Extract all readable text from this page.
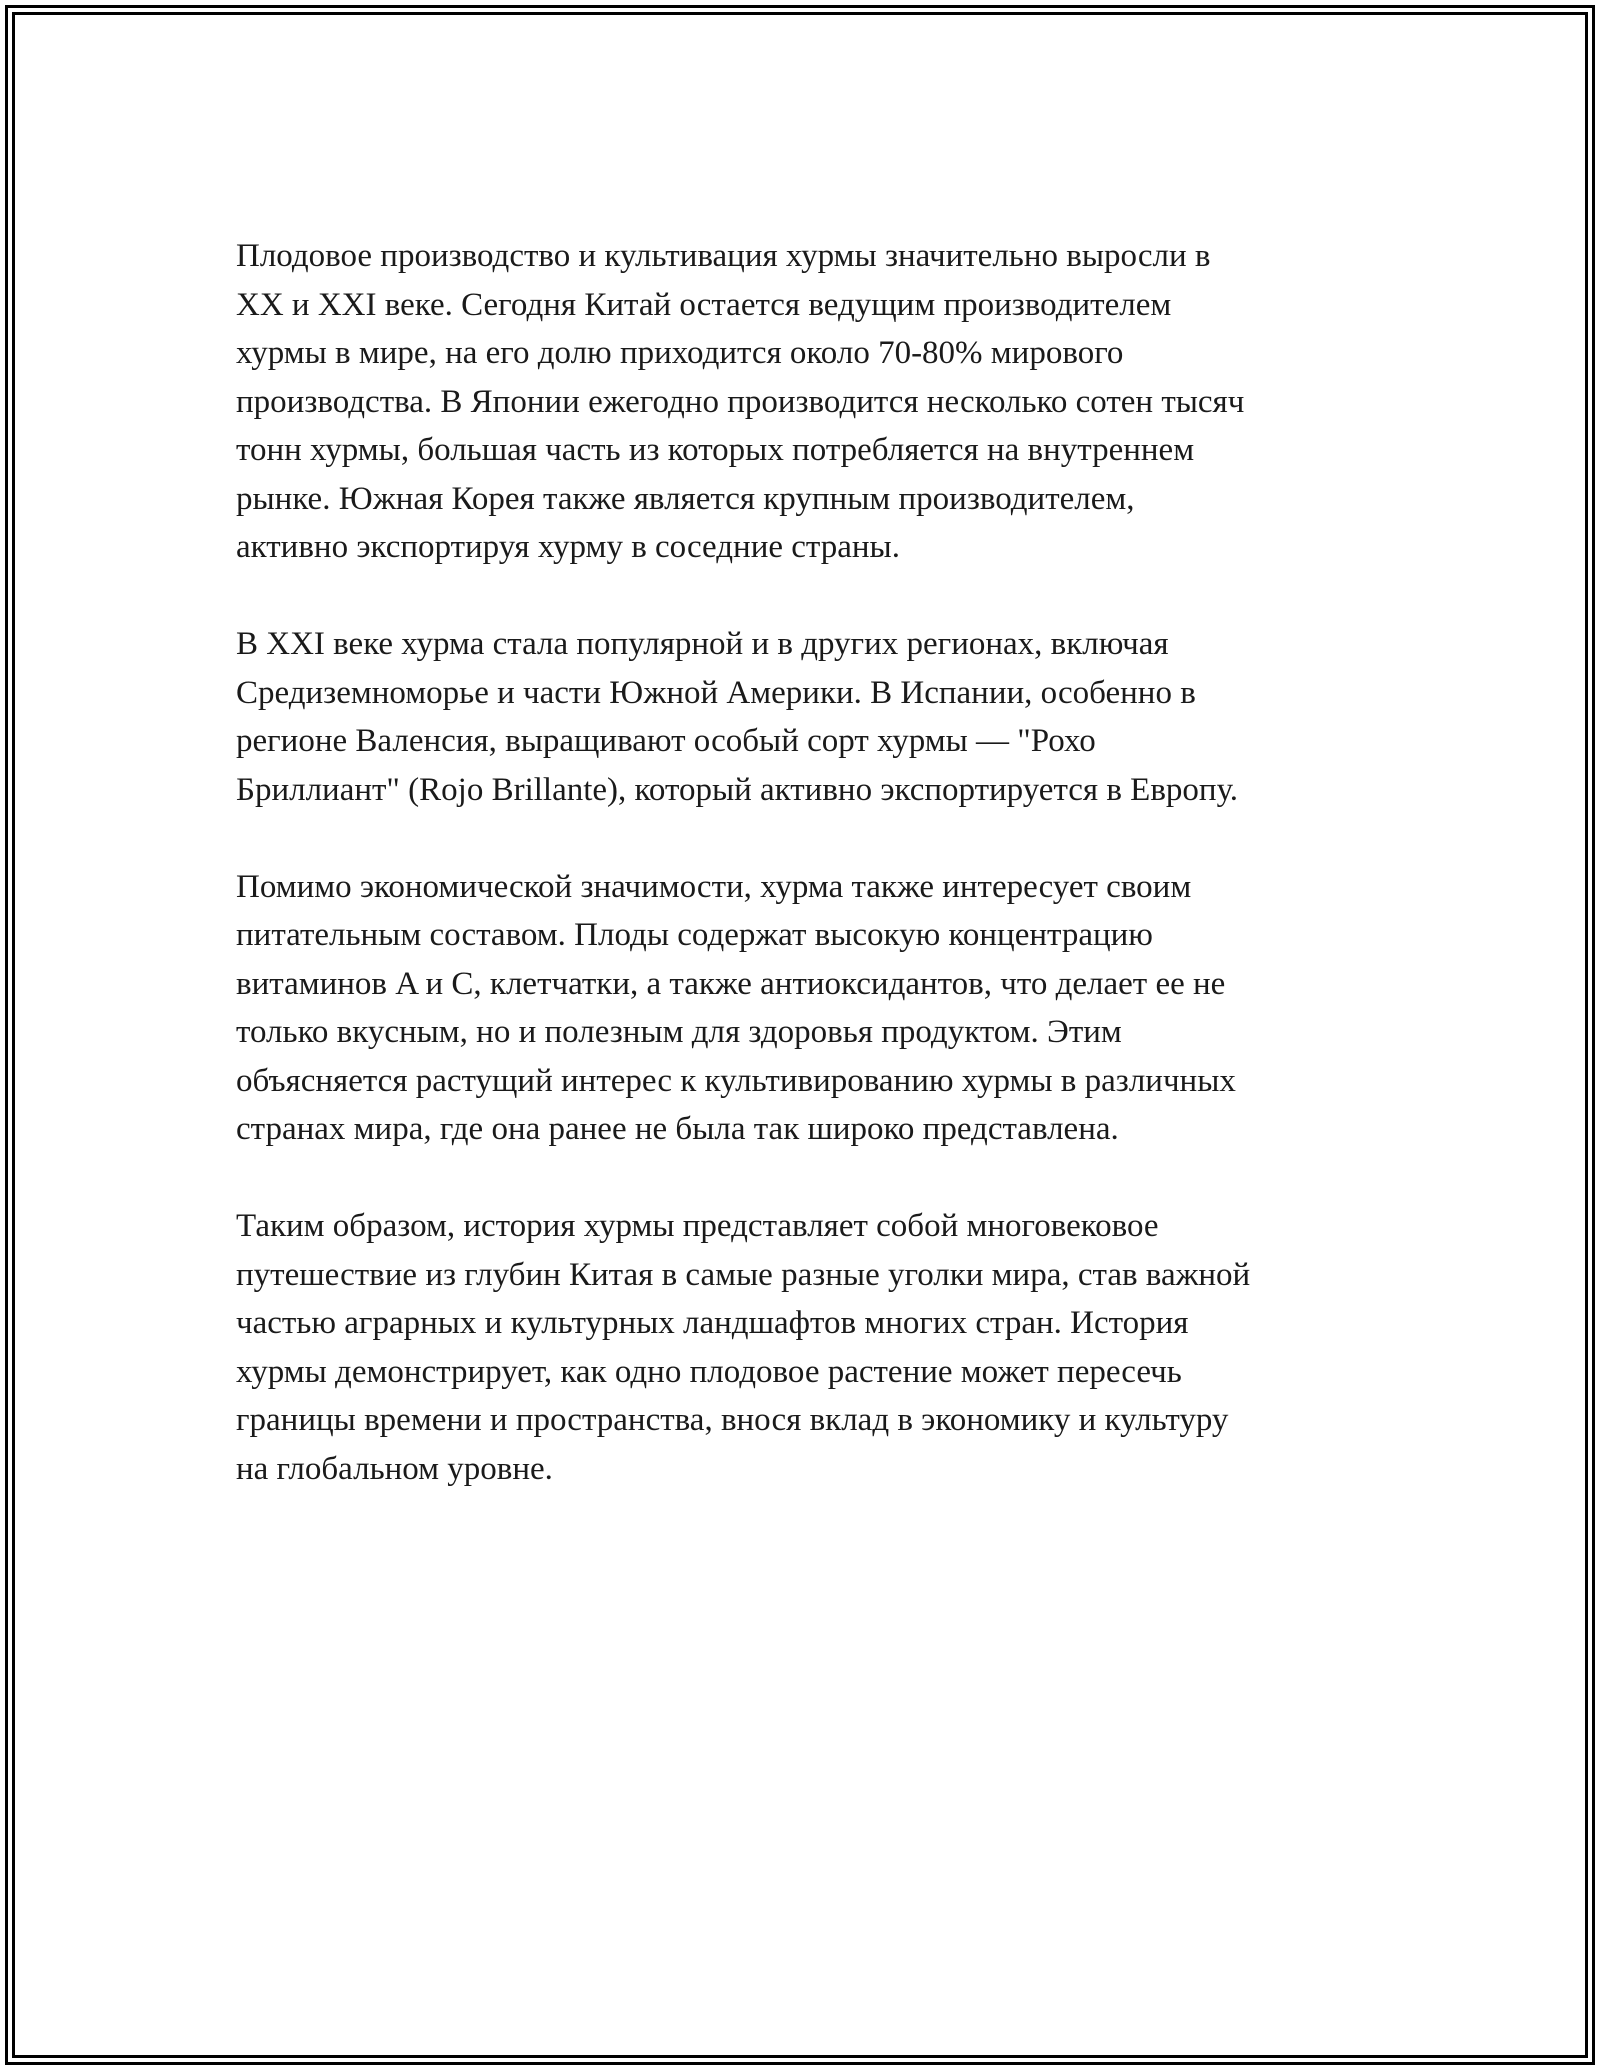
Плодовое производство и культивация хурмы значительно выросли в
XX и XXI веке. Сегодня Китай остается ведущим производителем
хурмы в мире, на его долю приходится около 70-80% мирового
производства. В Японии ежегодно производится несколько сотен тысяч
тонн хурмы, большая часть из которых потребляется на внутреннем
рынке. Южная Корея также является крупным производителем,
активно экспортируя хурму в соседние страны.

В XXI веке хурма стала популярной и в других регионах, включая
Средиземноморье и части Южной Америки. В Испании, особенно в
регионе Валенсия, выращивают особый сорт хурмы — "Рохо
Бриллиант" (Rojo Brillante), который активно экспортируется в Европу.

Помимо экономической значимости, хурма также интересует своим
питательным составом. Плоды содержат высокую концентрацию
витаминов A и C, клетчатки, а также антиоксидантов, что делает ее не
только вкусным, но и полезным для здоровья продуктом. Этим
объясняется растущий интерес к культивированию хурмы в различных
странах мира, где она ранее не была так широко представлена.

Таким образом, история хурмы представляет собой многовековое
путешествие из глубин Китая в самые разные уголки мира, став важной
частью аграрных и культурных ландшафтов многих стран. История
хурмы демонстрирует, как одно плодовое растение может пересечь
границы времени и пространства, внося вклад в экономику и культуру
на глобальном уровне.
